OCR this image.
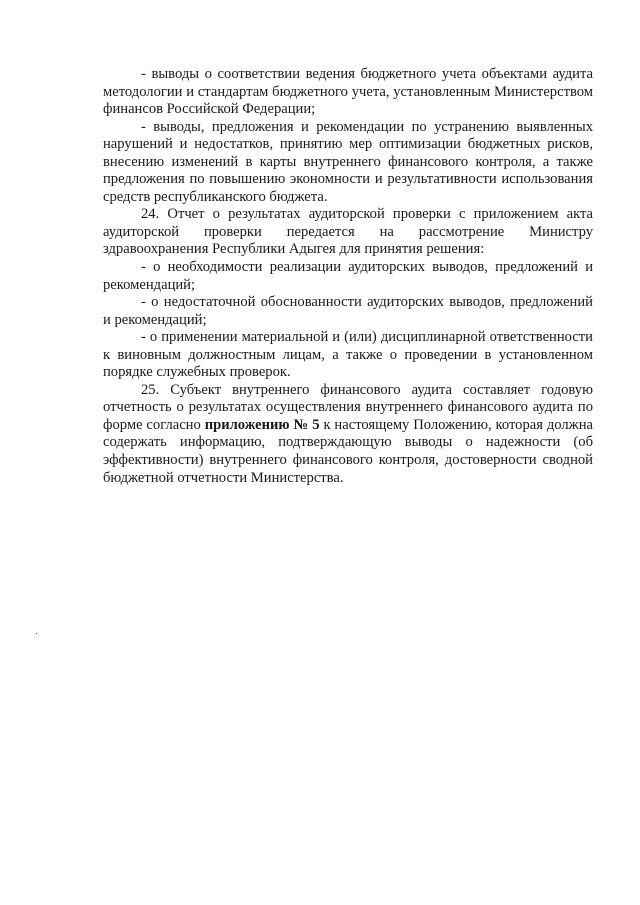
- выводы о соответствии ведения бюджетного учета объектами аудита методологии и стандартам бюджетного учета, установленным Министерством финансов Российской Федерации;

- выводы, предложения и рекомендации по устранению выявленных нарушений и недостатков, принятию мер оптимизации бюджетных рисков, внесению изменений в карты внутреннего финансового контроля, а также предложения по повышению экономности и результативности использования средств республиканского бюджета.

24. Отчет о результатах аудиторской проверки с приложением акта аудиторской проверки передается на рассмотрение Министру здравоохранения Республики Адыгея для принятия решения:

- о необходимости реализации аудиторских выводов, предложений и рекомендаций;

- о недостаточной обоснованности аудиторских выводов, предложений и рекомендаций;

- о применении материальной и (или) дисциплинарной ответственности к виновным должностным лицам, а также о проведении в установленном порядке служебных проверок.

25. Субъект внутреннего финансового аудита составляет годовую отчетность о результатах осуществления внутреннего финансового аудита по форме согласно приложению № 5 к настоящему Положению, которая должна содержать информацию, подтверждающую выводы о надежности (об эффективности) внутреннего финансового контроля, достоверности сводной бюджетной отчетности Министерства.
